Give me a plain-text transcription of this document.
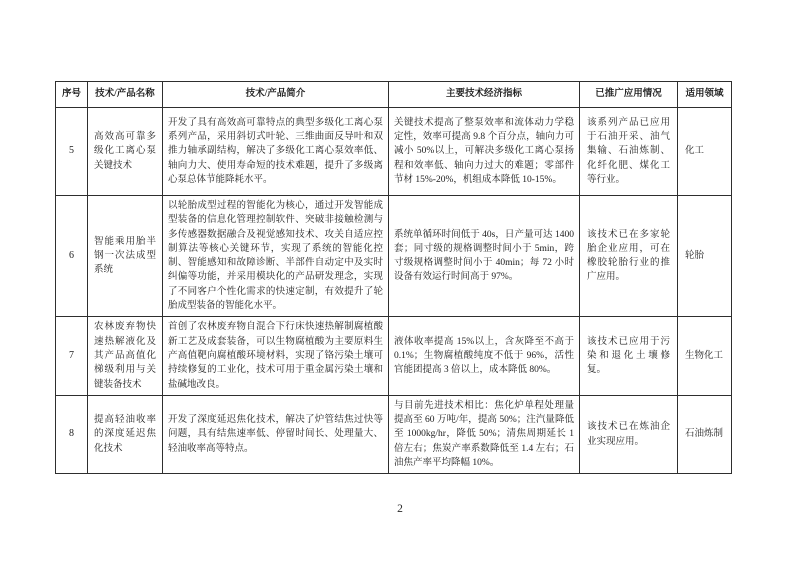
序号	技术/产品名称	技术/产品简介	主要技术经济指标	已推广应用情况	适用领域
5	高效高可靠多级化工离心泵关键技术	开发了具有高效高可靠特点的典型多级化工离心泵系列产品，采用斜切式叶轮、三维曲面反导叶和双推力轴承副结构，解决了多级化工离心泵效率低、轴向力大、使用寿命短的技术难题，提升了多级离心泵总体节能降耗水平。	关键技术提高了整泵效率和流体动力学稳定性，效率可提高 9.8 个百分点，轴向力可减小 50%以上，可解决多级化工离心泵扬程和效率低、轴向力过大的难题；零部件节材 15%-20%，机组成本降低 10-15%。	该系列产品已应用于石油开采、油气集输、石油炼制、化纤化肥、煤化工等行业。	化工
6	智能乘用胎半钢一次法成型系统	以轮胎成型过程的智能化为核心，通过开发智能成型装备的信息化管理控制软件、突破非接触检测与多传感器数据融合及视觉感知技术、攻关自适应控制算法等核心关键环节，实现了系统的智能化控制、智能感知和故障诊断、半部件自动定中及实时纠偏等功能，并采用模块化的产品研发理念，实现了不同客户个性化需求的快速定制，有效提升了轮胎成型装备的智能化水平。	系统单循环时间低于 40s，日产量可达 1400 套；同寸级的规格调整时间小于 5min，跨寸级规格调整时间小于 40min；每 72 小时设备有效运行时间高于 97%。	该技术已在多家轮胎企业应用，可在橡胶轮胎行业的推广应用。	轮胎
7	农林废弃物快速热解液化及其产品高值化梯级利用与关键装备技术	首创了农林废弃物自混合下行床快速热解制腐植酸新工艺及成套装备，可以生物腐植酸为主要原料生产高值靶向腐植酸环境材料，实现了铬污染土壤可持续修复的工业化，技术可用于重金属污染土壤和盐碱地改良。	液体收率提高 15%以上，含灰降至不高于 0.1%；生物腐植酸纯度不低于 96%，活性官能团提高 3 倍以上，成本降低 80%。	该技术已应用于污染和退化土壤修复。	生物化工
8	提高轻油收率的深度延迟焦化技术	开发了深度延迟焦化技术，解决了炉管结焦过快等问题，具有结焦速率低、停留时间长、处理量大、轻油收率高等特点。	与目前先进技术相比：焦化炉单程处理量提高至 60 万吨/年，提高 50%；注汽量降低至 1000kg/hr，降低 50%；清焦周期延长 1 倍左右；焦炭产率系数降低至 1.4 左右；石油焦产率平均降幅 10%。	该技术已在炼油企业实现应用。	石油炼制
2
